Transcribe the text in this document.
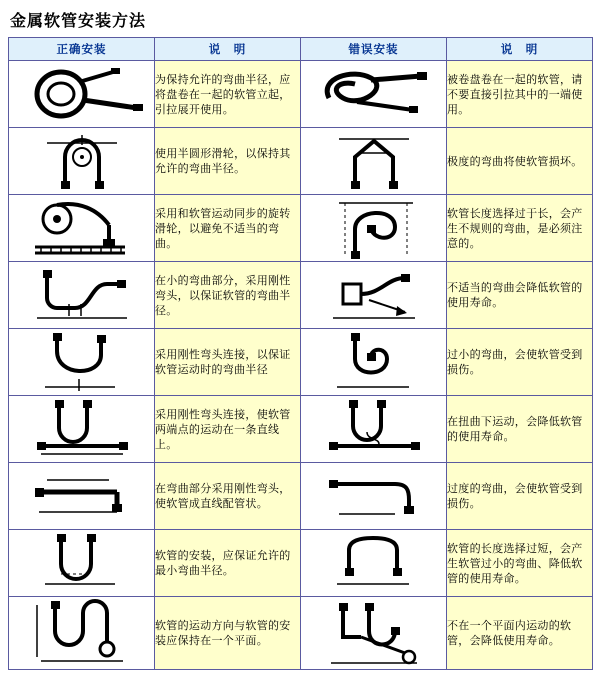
金属软管安装方法
正确安装	说　明	错误安装	说　明

	为保持允许的弯曲半径，应将盘卷在一起的软管立起，引拉展开使用。		被卷盘卷在一起的软管，请不要直接引拉其中的一端使用。

	使用半圆形滑轮，以保持其允许的弯曲半径。		极度的弯曲将使软管损坏。

	采用和软管运动同步的旋转滑轮，以避免不适当的弯曲。		软管长度选择过于长，会产生不规则的弯曲，是必须注意的。

	在小的弯曲部分，采用刚性弯头，以保证软管的弯曲半径。		不适当的弯曲会降低软管的使用寿命。

	采用刚性弯头连接，以保证软管运动时的弯曲半径		过小的弯曲，会使软管受到损伤。

	采用刚性弯头连接，使软管两端点的运动在一条直线上。		在扭曲下运动，会降低软管的使用寿命。

	在弯曲部分采用刚性弯头，使软管成直线配管状。		过度的弯曲，会使软管受到损伤。

	软管的安装，应保证允许的最小弯曲半径。		软管的长度选择过短，会产生软管过小的弯曲、降低软管的使用寿命。

	软管的运动方向与软管的安装应保持在一个平面。		不在一个平面内运动的软管，会降低使用寿命。
